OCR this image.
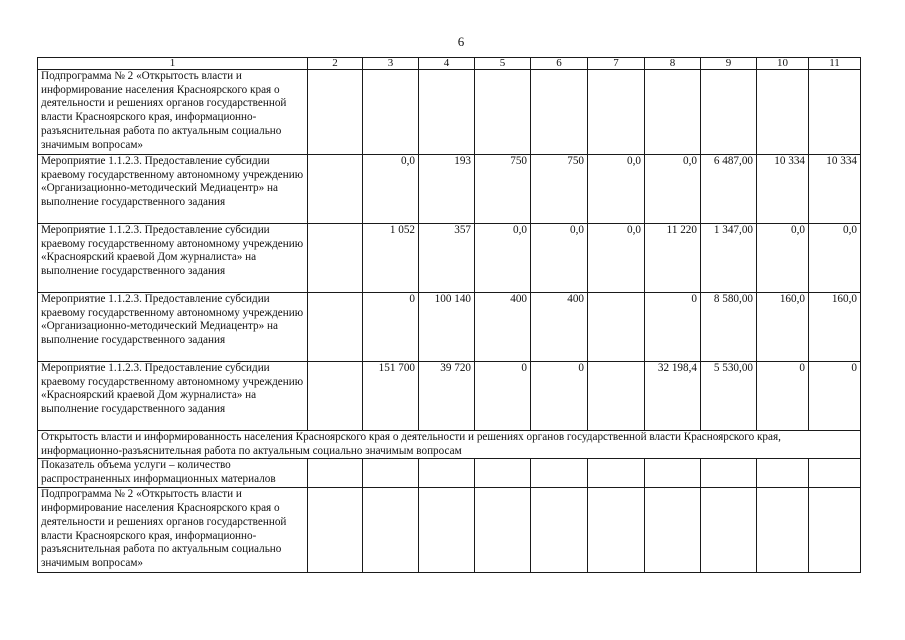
6
1	2	3	4	5	6	7	8	9	10	11
Подпрограмма № 2 «Открытость власти и информирование населения Красноярского края о деятельности и решениях органов государственной власти Красноярского края, информационно-разъяснительная работа по актуальным социально значимым вопросам»										
Мероприятие 1.1.2.3. Предоставление субсидии краевому государственному автономному учреждению «Организационно-методический Медиацентр» на выполнение государственного задания		0,0	193	750	750	0,0	0,0	6 487,00	10 334	10 334
Мероприятие 1.1.2.3. Предоставление субсидии краевому государственному автономному учреждению «Красноярский краевой Дом журналиста» на выполнение государственного задания		1 052	357	0,0	0,0	0,0	11 220	1 347,00	0,0	0,0
Мероприятие 1.1.2.3. Предоставление субсидии краевому государственному автономному учреждению «Организационно-методический Медиацентр» на выполнение государственного задания		0	100 140	400	400		0	8 580,00	160,0	160,0
Мероприятие 1.1.2.3. Предоставление субсидии краевому государственному автономному учреждению «Красноярский краевой Дом журналиста» на выполнение государственного задания		151 700	39 720	0	0		32 198,4	5 530,00	0	0
Открытость власти и информированность населения Красноярского края о деятельности и решениях органов государственной власти Красноярского края, информационно-разъяснительная работа по актуальным социально значимым вопросам										
Показатель объема услуги – количество распространенных информационных материалов										
Подпрограмма № 2 «Открытость власти и информирование населения Красноярского края о деятельности и решениях органов государственной власти Красноярского края, информационно-разъяснительная работа по актуальным социально значимым вопросам»										
